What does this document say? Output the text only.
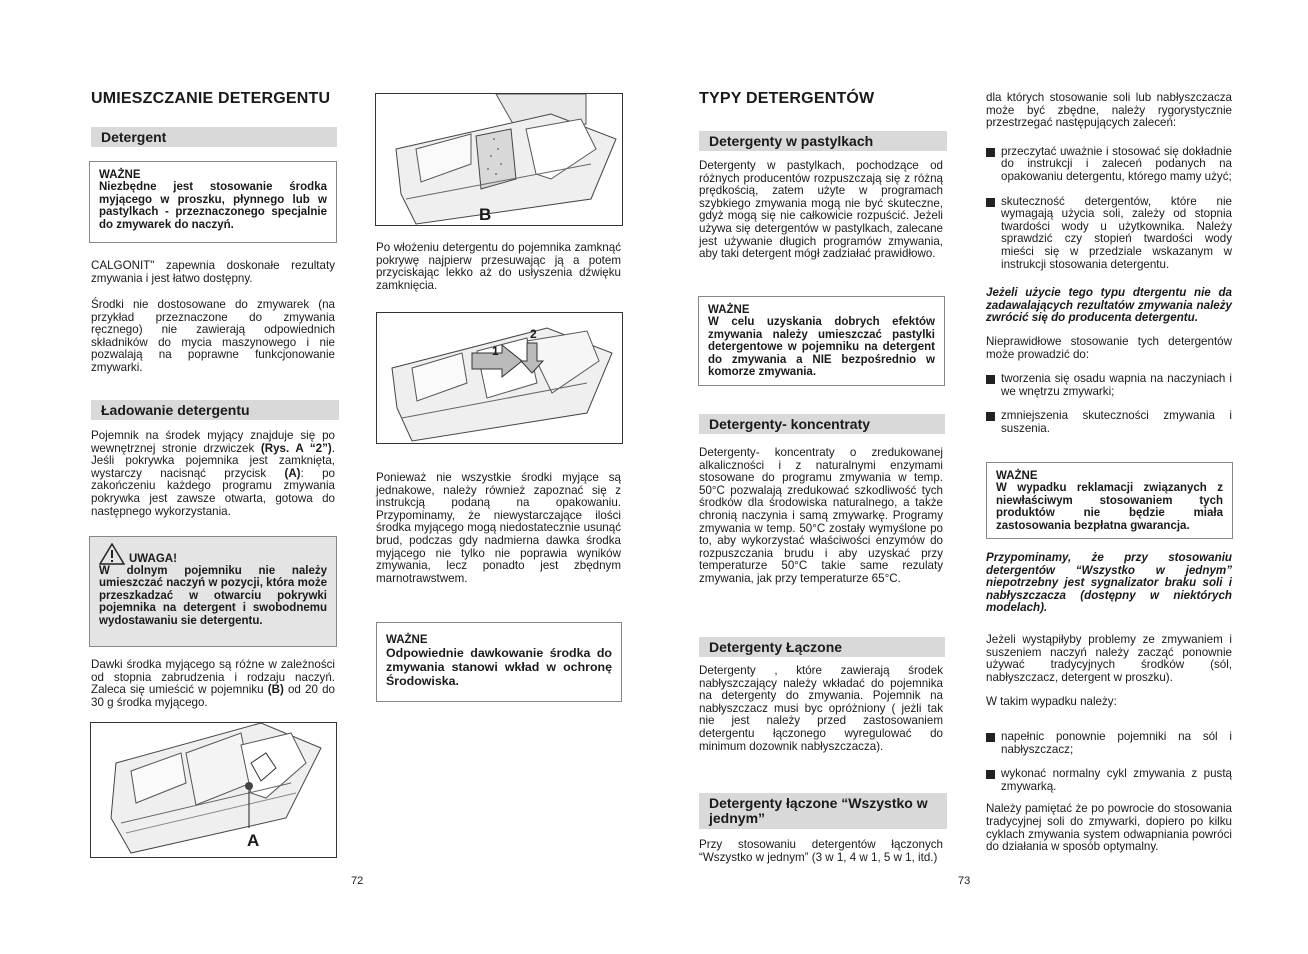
UMIESZCZANIE DETERGENTU
Detergent
WAŻNE
Niezbędne jest stosowanie środka myjącego w proszku, płynnego lub w pastylkach - przeznaczonego specjalnie do zmywarek do naczyń.
CALGONIT" zapewnia doskonałe rezultaty zmywania i jest łatwo dostępny.
Środki nie dostosowane do zmywarek (na przykład przeznaczone do zmywania ręcznego) nie zawierają odpowiednich składników do mycia maszynowego i nie pozwalają na poprawne funkcjonowanie zmywarki.
Ładowanie detergentu
Pojemnik na środek myjący znajduje się po wewnętrznej stronie drzwiczek (Rys. A “2”). Jeśli pokrywka pojemnika jest zamknięta, wystarczy nacisnąć przycisk (A): po zakończeniu każdego programu zmywania pokrywka jest zawsze otwarta, gotowa do następnego wykorzystania.
UWAGA!
W dolnym pojemniku nie należy umieszczać naczyń w pozycji, która może przeszkadzać w otwarciu pokrywki pojemnika na detergent i swobodnemu wydostawaniu sie detergentu.
Dawki środka myjącego są różne w zależności od stopnia zabrudzenia i rodzaju naczyń. Zaleca się umieścić w pojemniku (B) od 20 do 30 g środka myjącego.
A
B
Po włożeniu detergentu do pojemnika zamknąć pokrywę najpierw przesuwając ją a potem przyciskając lekko aż do usłyszenia dźwięku zamknięcia.
1
2
Ponieważ nie wszystkie środki myjące są jednakowe, należy również zapoznać się z instrukcją podaną na opakowaniu. Przypominamy, że niewystarczające ilości środka myjącego mogą niedostatecznie usunąć brud, podczas gdy nadmierna dawka środka myjącego nie tylko nie poprawia wyników zmywania, lecz ponadto jest zbędnym marnotrawstwem.
WAŻNE
Odpowiednie dawkowanie środka do zmywania stanowi wkład w ochronę Środowiska.
72
TYPY DETERGENTÓW
Detergenty w pastylkach
Detergenty w pastylkach, pochodzące od różnych producentów rozpuszczają się z różną prędkością, zatem użyte w programach szybkiego zmywania mogą nie być skuteczne, gdyż mogą się nie całkowicie rozpuścić. Jeżeli używa się detergentów w pastylkach, zalecane jest używanie długich programów zmywania, aby taki detergent mógł zadziałać prawidłowo.
WAŻNE
W celu uzyskania dobrych efektów zmywania należy umieszczać pastylki detergentowe w pojemniku na detergent do zmywania a NIE bezpośrednio w komorze zmywania.
Detergenty- koncentraty
Detergenty- koncentraty o zredukowanej alkaliczności i z naturalnymi enzymami stosowane do programu zmywania w temp. 50°C pozwalają zredukować szkodliwość tych środków dla środowiska naturalnego, a także chronią naczynia i samą zmywarkę. Programy zmywania w temp. 50°C zostały wymyślone po to, aby wykorzystać właściwości enzymów do rozpuszczania brudu i aby uzyskać przy temperaturze 50°C takie same rezulaty zmywania, jak przy temperaturze 65°C.
Detergenty Łączone
Detergenty , które zawierają środek nabłyszczający należy wkładać do pojemnika na detergenty do zmywania. Pojemnik na nabłyszczacz musi byc opróżniony ( jeżli tak nie jest należy przed zastosowaniem detergentu łączonego wyregulować do minimum dozownik nabłyszczacza).
Detergenty łączone “Wszystko w jednym”
Przy stosowaniu detergentów łączonych “Wszystko w jednym” (3 w 1, 4 w 1, 5 w 1, itd.)
73
dla których stosowanie soli lub nabłyszczacza może być zbędne, należy rygorystycznie przestrzegać następujących zaleceń:
przeczytać uważnie i stosować się dokładnie do instrukcji i zaleceń podanych na opakowaniu detergentu, którego mamy użyć;
skuteczność detergentów, które nie wymagają użycia soli, zależy od stopnia twardości wody u użytkownika. Należy sprawdzić czy stopień twardości wody mieści się w przedziale wskazanym w instrukcji stosowania detergentu.
Jeżeli użycie tego typu dtergentu nie da zadawalających rezultatów zmywania należy zwrócić się do producenta detergentu.
Nieprawidłowe stosowanie tych detergentów może prowadzić do:
tworzenia się osadu wapnia na naczyniach i we wnętrzu zmywarki;
zmniejszenia skuteczności zmywania i suszenia.
WAŻNE
W wypadku reklamacji związanych z niewłaściwym stosowaniem tych produktów nie będzie miała zastosowania bezpłatna gwarancja.
Przypominamy, że przy stosowaniu detergentów “Wszystko w jednym” niepotrzebny jest sygnalizator braku soli i nabłyszczacza (dostępny w niektórych modelach).
Jeżeli wystąpiłyby problemy ze zmywaniem i suszeniem naczyń należy zacząć ponownie używać tradycyjnych środków (sól, nabłyszczacz, detergent w proszku).
W takim wypadku należy:
napełnic ponownie pojemniki na sól i nabłyszczacz;
wykonać normalny cykl zmywania z pustą zmywarką.
Należy pamiętać że po powrocie do stosowania tradycyjnej soli do zmywarki, dopiero po kilku cyklach zmywania system odwapniania powróci do działania w sposób optymalny.
